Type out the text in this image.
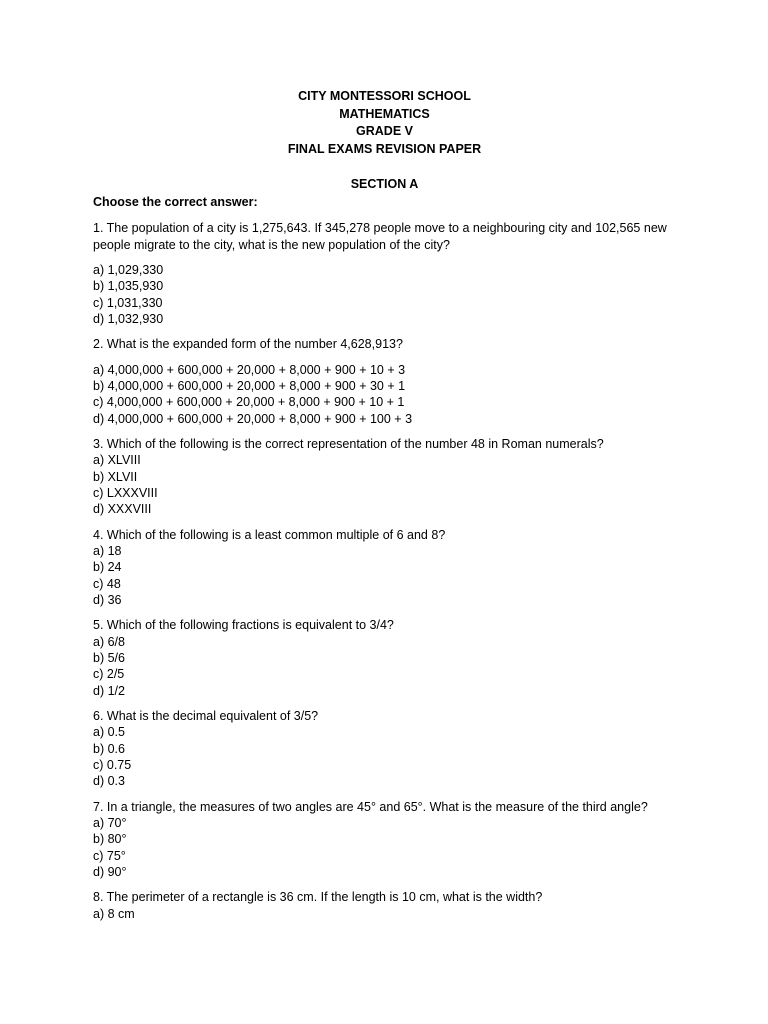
CITY MONTESSORI SCHOOL
MATHEMATICS
GRADE V
FINAL EXAMS REVISION PAPER
SECTION A
Choose the correct answer:
1. The population of a city is 1,275,643. If 345,278 people move to a neighbouring city and 102,565 new people migrate to the city, what is the new population of the city?
a) 1,029,330
b) 1,035,930
c) 1,031,330
d) 1,032,930
2. What is the expanded form of the number 4,628,913?
a) 4,000,000 + 600,000 + 20,000 + 8,000 + 900 + 10 + 3
b) 4,000,000 + 600,000 + 20,000 + 8,000 + 900 + 30 + 1
c) 4,000,000 + 600,000 + 20,000 + 8,000 + 900 + 10 + 1
d) 4,000,000 + 600,000 + 20,000 + 8,000 + 900 + 100 + 3
3. Which of the following is the correct representation of the number 48 in Roman numerals?
a) XLVIII
b) XLVII
c) LXXXVIII
d) XXXVIII
4. Which of the following is a least common multiple of 6 and 8?
a) 18
b) 24
c) 48
d) 36
5. Which of the following fractions is equivalent to 3/4?
a) 6/8
b) 5/6
c) 2/5
d) 1/2
6. What is the decimal equivalent of 3/5?
a) 0.5
b) 0.6
c) 0.75
d) 0.3
7. In a triangle, the measures of two angles are 45° and 65°. What is the measure of the third angle?
a) 70°
b) 80°
c) 75°
d) 90°
8. The perimeter of a rectangle is 36 cm. If the length is 10 cm, what is the width?
a) 8 cm
